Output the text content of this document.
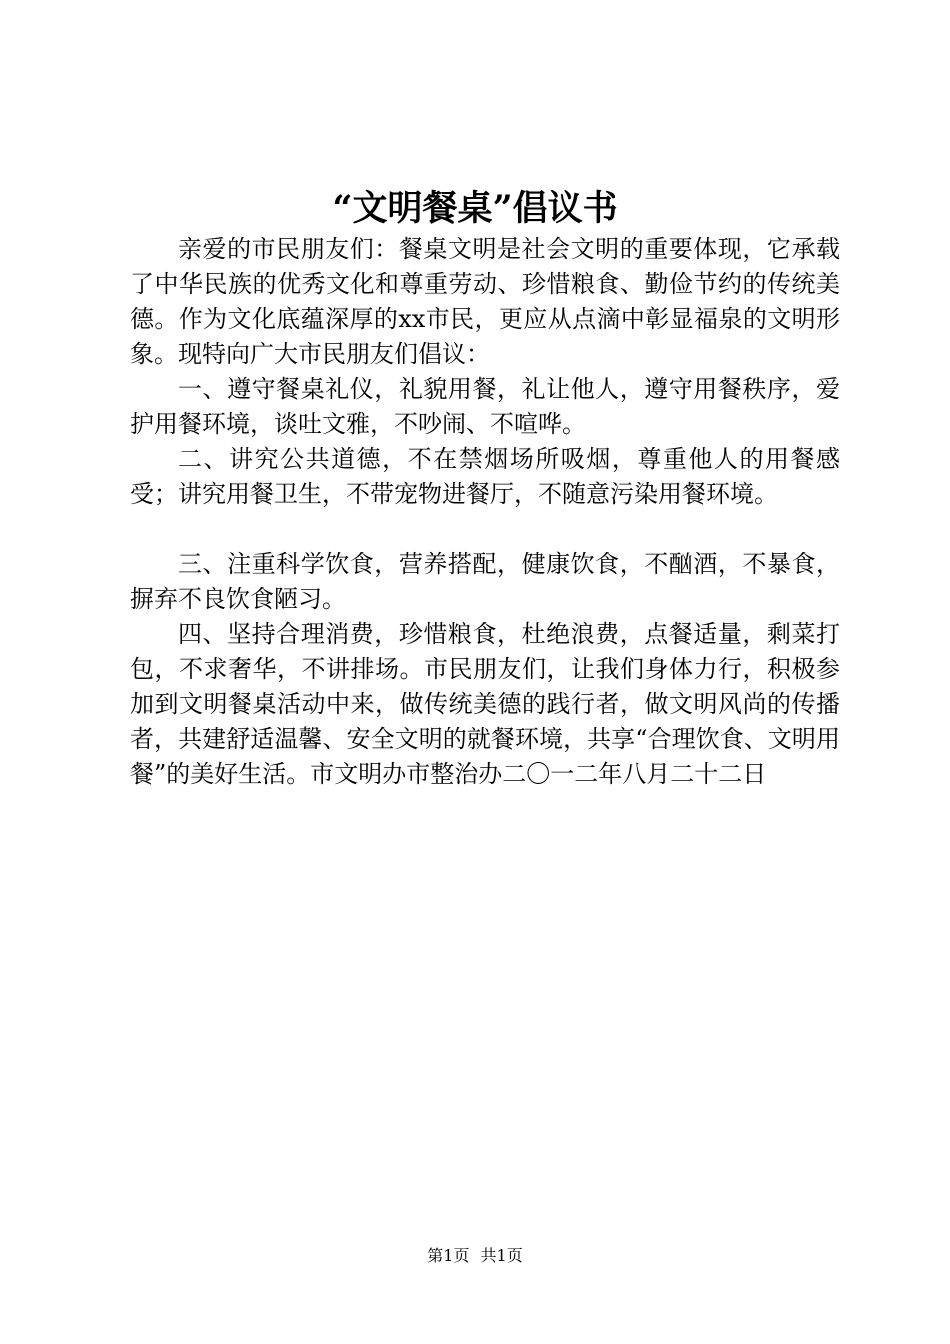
“文明餐桌”倡议书

亲爱的市民朋友们：餐桌文明是社会文明的重要体现，它承载了中华民族的优秀文化和尊重劳动、珍惜粮食、勤俭节约的传统美德。作为文化底蕴深厚的xx市民，更应从点滴中彰显福泉的文明形象。现特向广大市民朋友们倡议：

一、遵守餐桌礼仪，礼貌用餐，礼让他人，遵守用餐秩序，爱护用餐环境，谈吐文雅，不吵闹、不喧哗。

二、讲究公共道德，不在禁烟场所吸烟，尊重他人的用餐感受；讲究用餐卫生，不带宠物进餐厅，不随意污染用餐环境。

三、注重科学饮食，营养搭配，健康饮食，不酗酒，不暴食，摒弃不良饮食陋习。

四、坚持合理消费，珍惜粮食，杜绝浪费，点餐适量，剩菜打包，不求奢华，不讲排场。市民朋友们，让我们身体力行，积极参加到文明餐桌活动中来，做传统美德的践行者，做文明风尚的传播者，共建舒适温馨、安全文明的就餐环境，共享“合理饮食、文明用餐”的美好生活。市文明办市整治办二〇一二年八月二十二日

第1页 共1页
